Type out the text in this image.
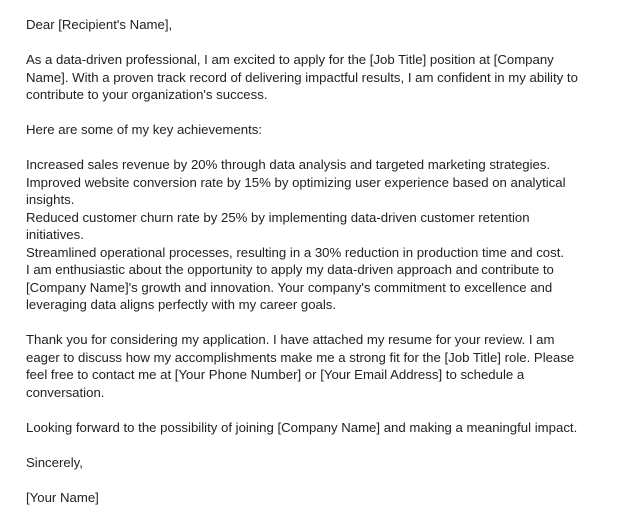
Dear [Recipient's Name],

As a data-driven professional, I am excited to apply for the [Job Title] position at [Company Name]. With a proven track record of delivering impactful results, I am confident in my ability to contribute to your organization's success.

Here are some of my key achievements:

Increased sales revenue by 20% through data analysis and targeted marketing strategies.
Improved website conversion rate by 15% by optimizing user experience based on analytical insights.
Reduced customer churn rate by 25% by implementing data-driven customer retention initiatives.
Streamlined operational processes, resulting in a 30% reduction in production time and cost.

I am enthusiastic about the opportunity to apply my data-driven approach and contribute to [Company Name]'s growth and innovation. Your company's commitment to excellence and leveraging data aligns perfectly with my career goals.

Thank you for considering my application. I have attached my resume for your review. I am eager to discuss how my accomplishments make me a strong fit for the [Job Title] role. Please feel free to contact me at [Your Phone Number] or [Your Email Address] to schedule a conversation.

Looking forward to the possibility of joining [Company Name] and making a meaningful impact.

Sincerely,

[Your Name]
